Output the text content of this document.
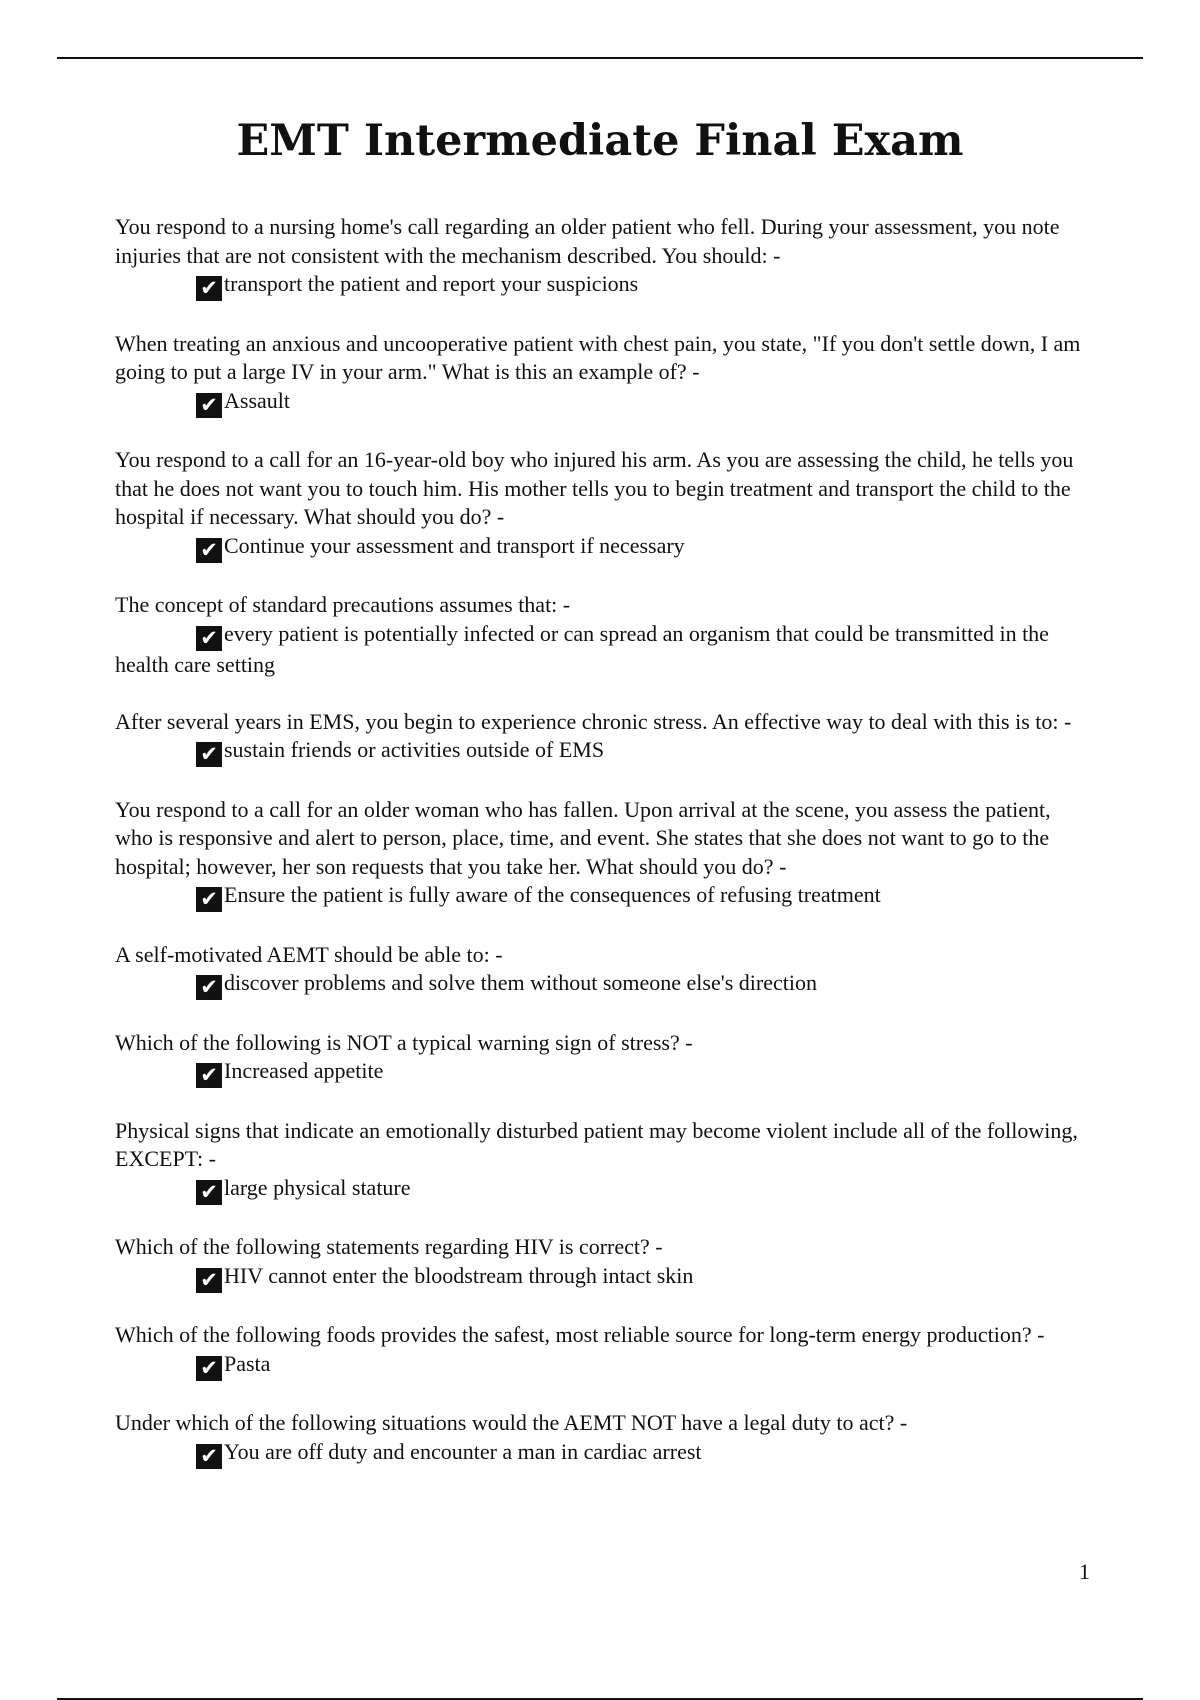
EMT Intermediate Final Exam

You respond to a nursing home's call regarding an older patient who fell. During your assessment, you note injuries that are not consistent with the mechanism described. You should: -

✔ transport the patient and report your suspicions

When treating an anxious and uncooperative patient with chest pain, you state, "If you don't settle down, I am going to put a large IV in your arm." What is this an example of? -

✔ Assault

You respond to a call for an 16-year-old boy who injured his arm. As you are assessing the child, he tells you that he does not want you to touch him. His mother tells you to begin treatment and transport the child to the hospital if necessary. What should you do? -

✔ Continue your assessment and transport if necessary

The concept of standard precautions assumes that: -

✔ every patient is potentially infected or can spread an organism that could be transmitted in the health care setting

After several years in EMS, you begin to experience chronic stress. An effective way to deal with this is to: -

✔ sustain friends or activities outside of EMS

You respond to a call for an older woman who has fallen. Upon arrival at the scene, you assess the patient, who is responsive and alert to person, place, time, and event. She states that she does not want to go to the hospital; however, her son requests that you take her. What should you do? -

✔ Ensure the patient is fully aware of the consequences of refusing treatment

A self-motivated AEMT should be able to: -

✔ discover problems and solve them without someone else's direction

Which of the following is NOT a typical warning sign of stress? -

✔ Increased appetite

Physical signs that indicate an emotionally disturbed patient may become violent include all of the following, EXCEPT: -

✔ large physical stature

Which of the following statements regarding HIV is correct? -

✔ HIV cannot enter the bloodstream through intact skin

Which of the following foods provides the safest, most reliable source for long-term energy production? -

✔ Pasta

Under which of the following situations would the AEMT NOT have a legal duty to act? -

✔ You are off duty and encounter a man in cardiac arrest

1
